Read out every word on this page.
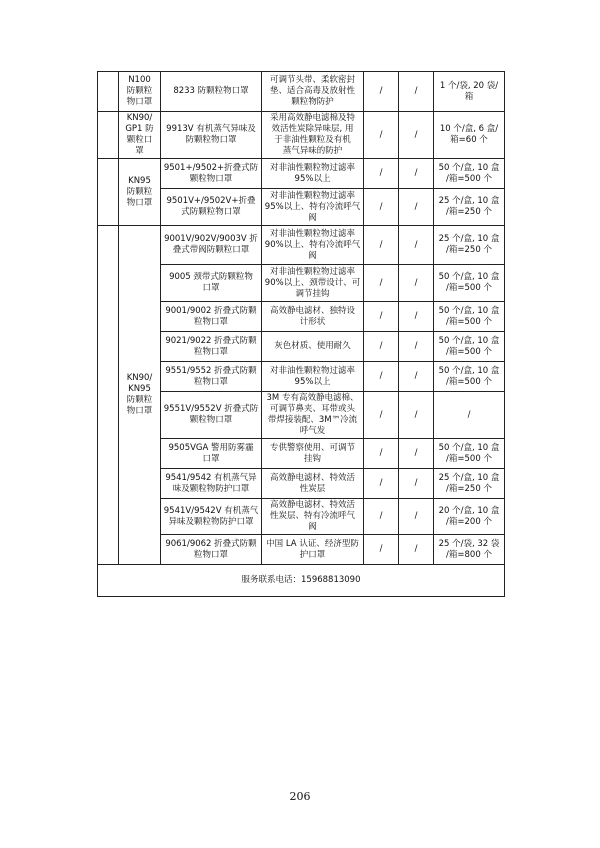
	N100
防颗粒
物口罩	8233 防颗粒物口罩	可调节头带、柔软密封
垫、适合高毒及放射性
颗粒物防护	/	/	1 个/袋, 20 袋/
箱
	KN90/
GP1 防
颗粒口
罩	9913V 有机蒸气异味及
防颗粒物口罩	采用高效静电滤棉及特
效活性炭除异味层, 用
于非油性颗粒及有机
蒸气异味的防护	/	/	10 个/盒, 6 盒/
箱=60 个
	KN95
防颗粒
物口罩	9501+/9502+折叠式防
颗粒物口罩	对非油性颗粒物过滤率
95%以上	/	/	50 个/盒, 10 盒
/箱=500 个
		9501V+/9502V+折叠
式防颗粒物口罩	对非油性颗粒物过滤率
95%以上、特有冷流呼气
阀	/	/	25 个/盒, 10 盒
/箱=250 个
	KN90/
KN95
防颗粒
物口罩	9001V/902V/9003V 折
叠式带阀防颗粒口罩	对非油性颗粒物过滤率
90%以上、特有冷流呼气
阀	/	/	25 个/盒, 10 盒
/箱=250 个
		9005 颈带式防颗粒物
口罩	对非油性颗粒物过滤率
90%以上、颈带设计、可
调节挂钩	/	/	50 个/盒, 10 盒
/箱=500 个
		9001/9002 折叠式防颗
粒物口罩	高效静电滤材、独特设
计形状	/	/	50 个/盒, 10 盒
/箱=500 个
		9021/9022 折叠式防颗
粒物口罩	灰色材质、使用耐久	/	/	50 个/盒, 10 盒
/箱=500 个
		9551/9552 折叠式防颗
粒物口罩	对非油性颗粒物过滤率
95%以上	/	/	50 个/盒, 10 盒
/箱=500 个
		9551V/9552V 折叠式防
颗粒物口罩	3M 专有高效静电滤棉、
可调节鼻夹、耳带或头
带焊接装配、3M™冷流
呼气发	/	/	/
		9505VGA 警用防雾霾
口罩	专供警察使用、可调节
挂钩	/	/	50 个/盒, 10 盒
/箱=500 个
		9541/9542 有机蒸气异
味及颗粒物防护口罩	高效静电滤材、特效活
性炭层	/	/	25 个/盒, 10 盒
/箱=250 个
		9541V/9542V 有机蒸气
异味及颗粒物防护口罩	高效静电滤材、特效活
性炭层、特有冷流呼气
阀	/	/	20 个/盒, 10 盒
/箱=200 个
		9061/9062 折叠式防颗
粒物口罩	中国 LA 认证、经济型防
护口罩	/	/	25 个/袋, 32 袋
/箱=800 个
服务联系电话：15968813090						
206
